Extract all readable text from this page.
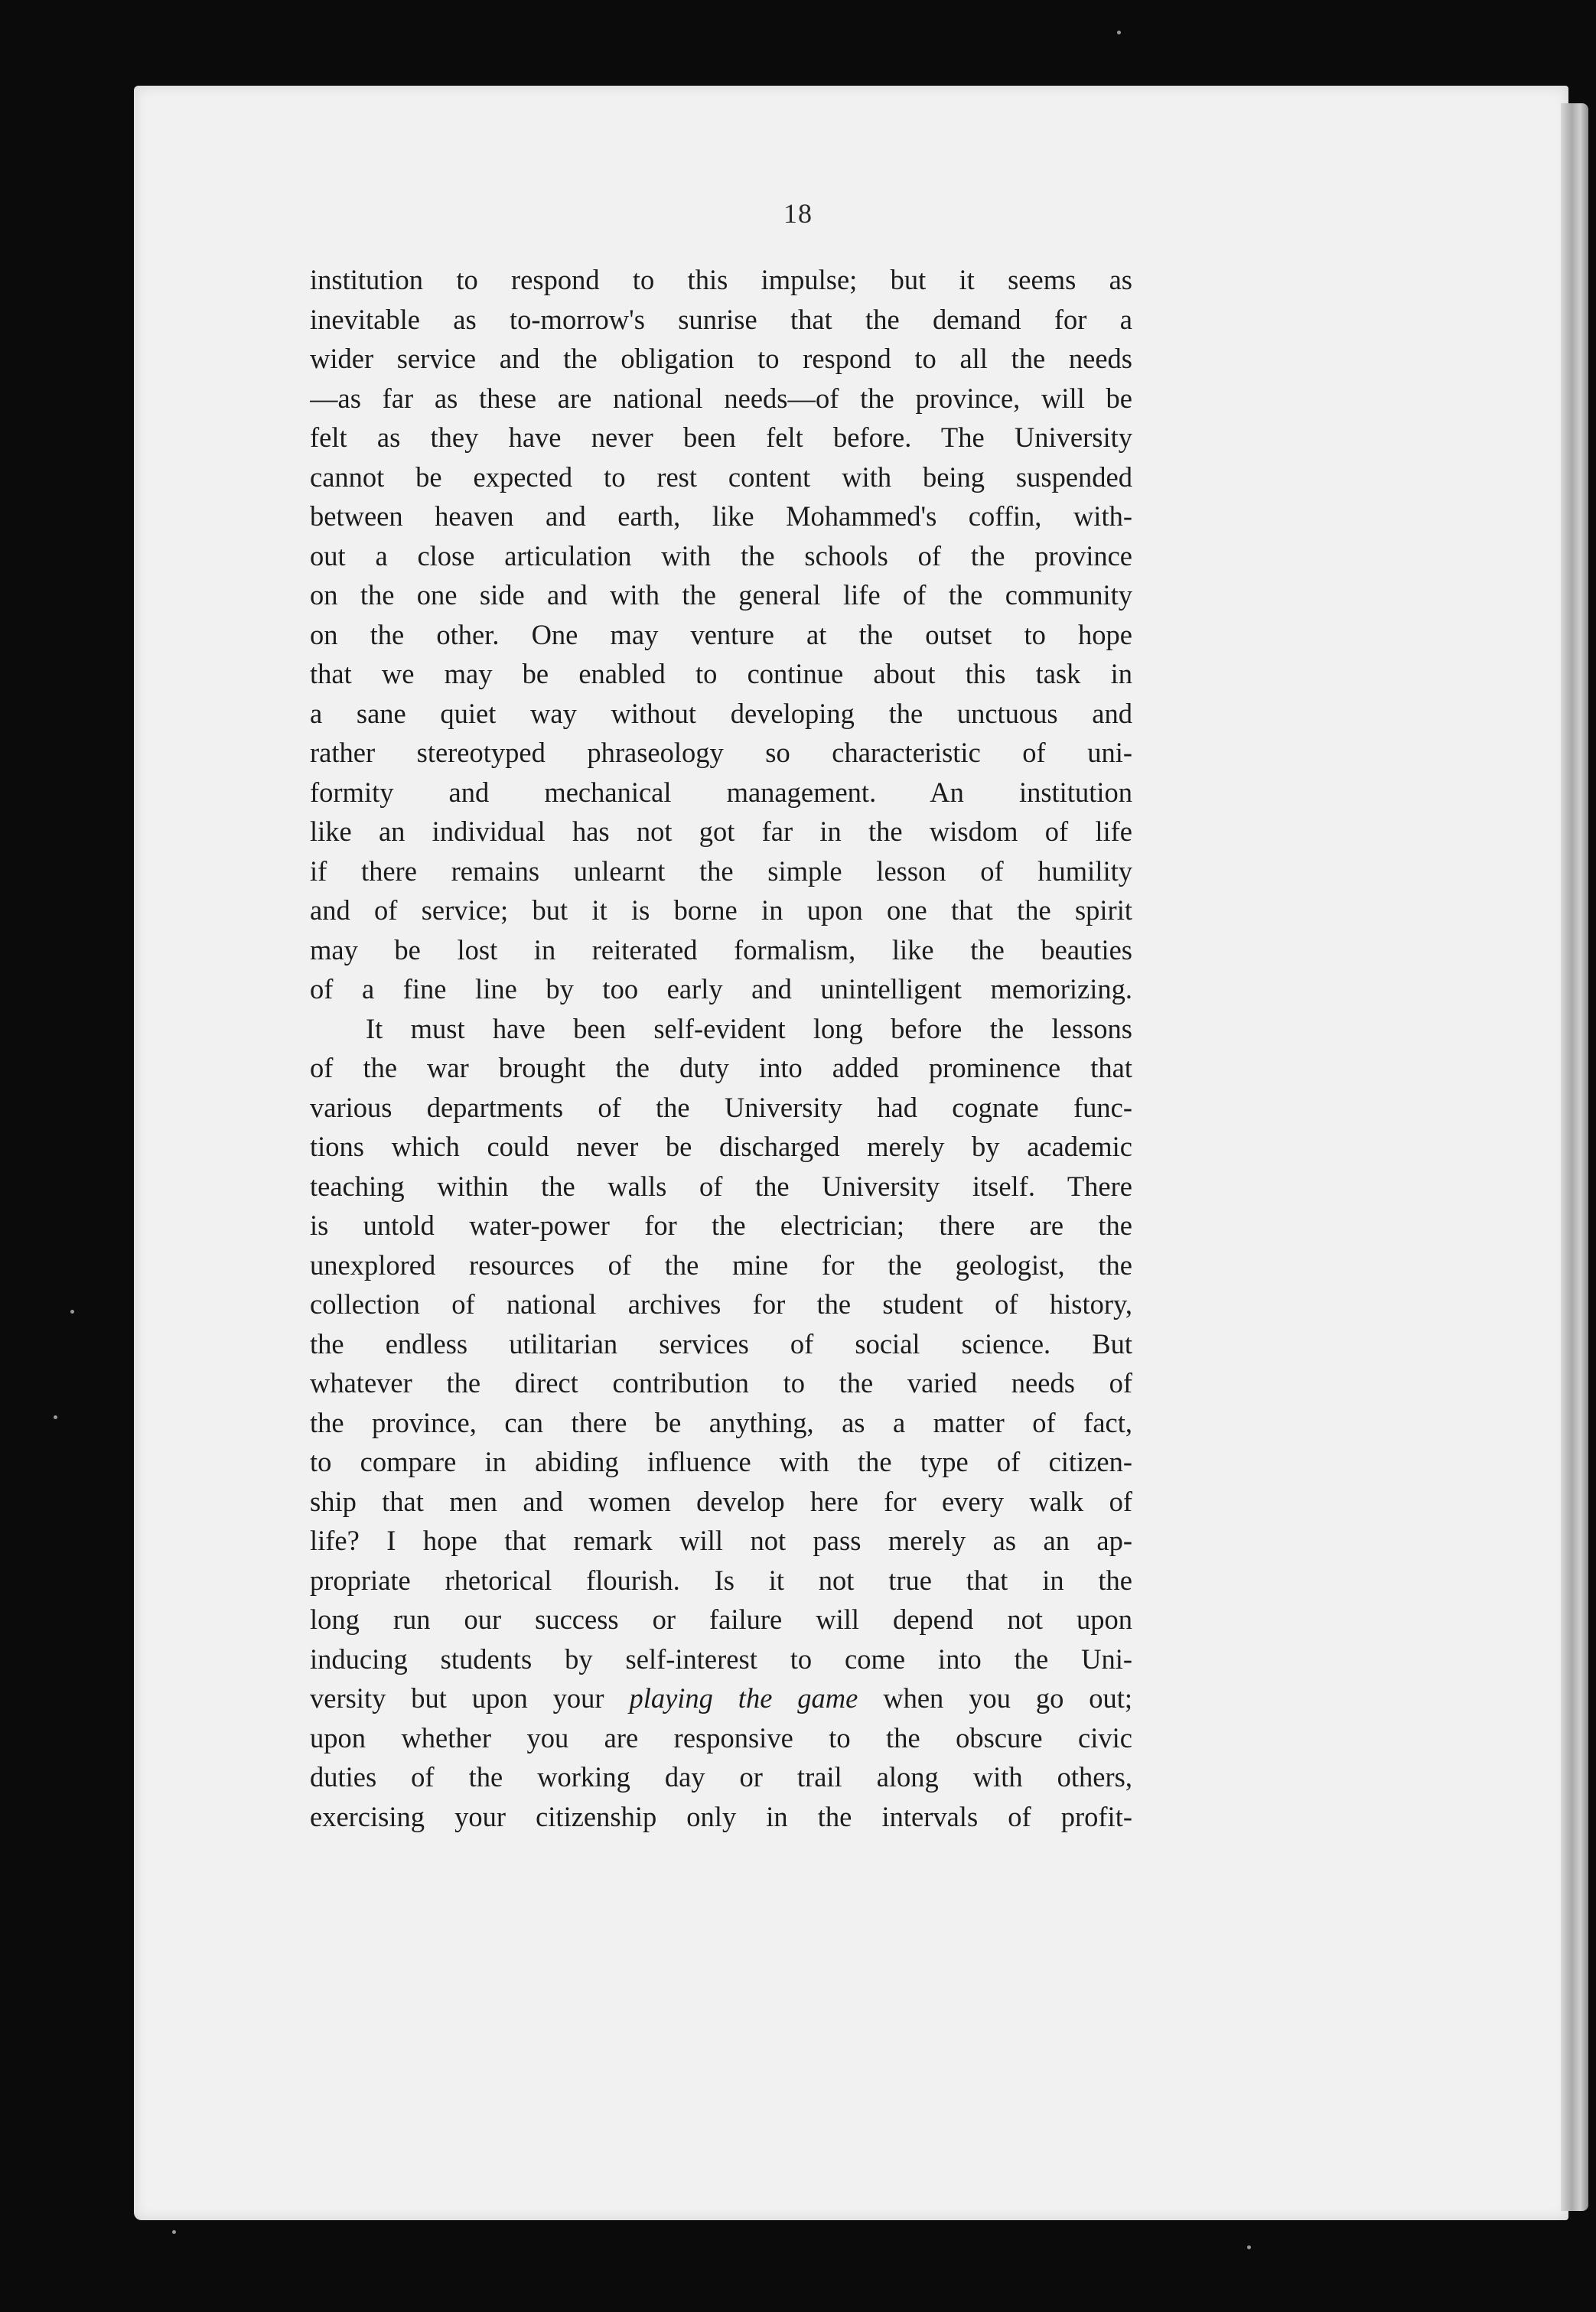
18
institution to respond to this impulse; but it seems as
inevitable as to-morrow's sunrise that the demand for a
wider service and the obligation to respond to all the needs
—as far as these are national needs—of the province, will be
felt as they have never been felt before. The University
cannot be expected to rest content with being suspended
between heaven and earth, like Mohammed's coffin, with-
out a close articulation with the schools of the province
on the one side and with the general life of the community
on the other. One may venture at the outset to hope
that we may be enabled to continue about this task in
a sane quiet way without developing the unctuous and
rather stereotyped phraseology so characteristic of uni-
formity and mechanical management. An institution
like an individual has not got far in the wisdom of life
if there remains unlearnt the simple lesson of humility
and of service; but it is borne in upon one that the spirit
may be lost in reiterated formalism, like the beauties
of a fine line by too early and unintelligent memorizing.
It must have been self-evident long before the lessons
of the war brought the duty into added prominence that
various departments of the University had cognate func-
tions which could never be discharged merely by academic
teaching within the walls of the University itself. There
is untold water-power for the electrician; there are the
unexplored resources of the mine for the geologist, the
collection of national archives for the student of history,
the endless utilitarian services of social science. But
whatever the direct contribution to the varied needs of
the province, can there be anything, as a matter of fact,
to compare in abiding influence with the type of citizen-
ship that men and women develop here for every walk of
life? I hope that remark will not pass merely as an ap-
propriate rhetorical flourish. Is it not true that in the
long run our success or failure will depend not upon
inducing students by self-interest to come into the Uni-
versity but upon your playing the game when you go out;
upon whether you are responsive to the obscure civic
duties of the working day or trail along with others,
exercising your citizenship only in the intervals of profit-
